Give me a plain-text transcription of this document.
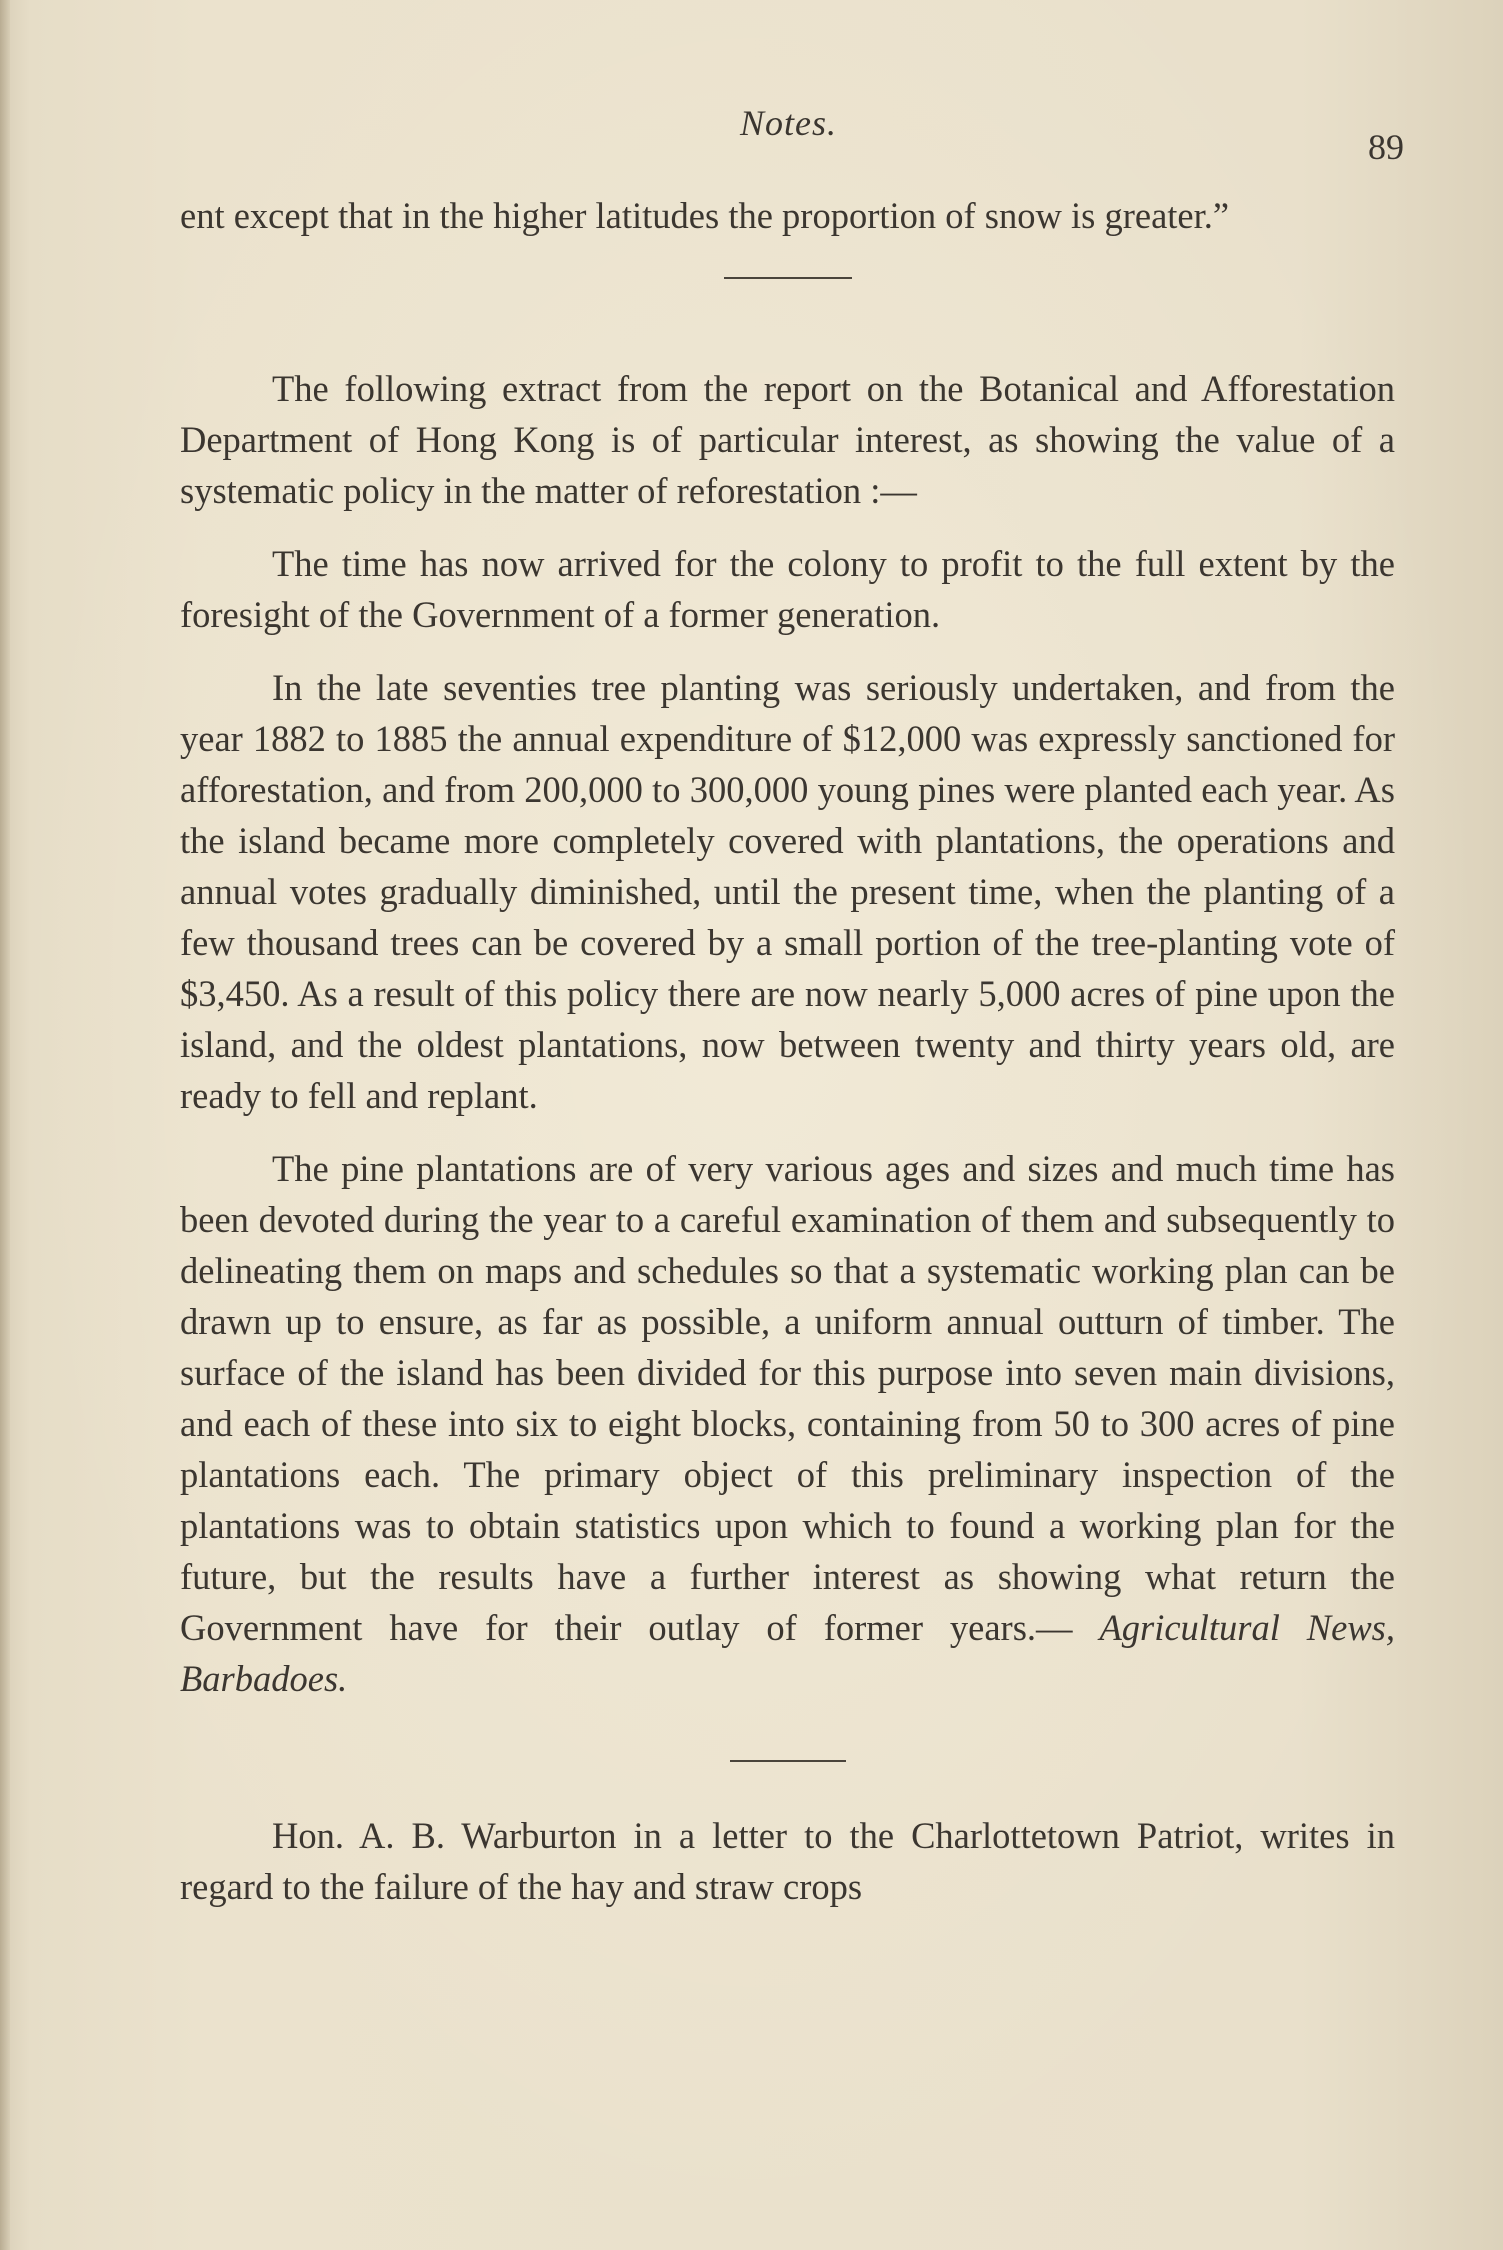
Notes.
89

ent except that in the higher latitudes the proportion of snow is greater.”

The following extract from the report on the Botanical and Afforestation Department of Hong Kong is of particular interest, as showing the value of a systematic policy in the matter of reforestation :—

The time has now arrived for the colony to profit to the full extent by the foresight of the Government of a former generation.

In the late seventies tree planting was seriously undertaken, and from the year 1882 to 1885 the annual expenditure of $12,000 was expressly sanctioned for afforestation, and from 200,000 to 300,000 young pines were planted each year. As the island became more completely covered with plantations, the operations and annual votes gradually diminished, until the present time, when the planting of a few thousand trees can be covered by a small portion of the tree-planting vote of $3,450. As a result of this policy there are now nearly 5,000 acres of pine upon the island, and the oldest plantations, now between twenty and thirty years old, are ready to fell and replant.

The pine plantations are of very various ages and sizes and much time has been devoted during the year to a careful examination of them and subsequently to delineating them on maps and schedules so that a systematic working plan can be drawn up to ensure, as far as possible, a uniform annual outturn of timber. The surface of the island has been divided for this purpose into seven main divisions, and each of these into six to eight blocks, containing from 50 to 300 acres of pine plantations each. The primary object of this preliminary inspection of the plantations was to obtain statistics upon which to found a working plan for the future, but the results have a further interest as showing what return the Government have for their outlay of former years.— Agricultural News, Barbadoes.

Hon. A. B. Warburton in a letter to the Charlottetown Patriot, writes in regard to the failure of the hay and straw crops
